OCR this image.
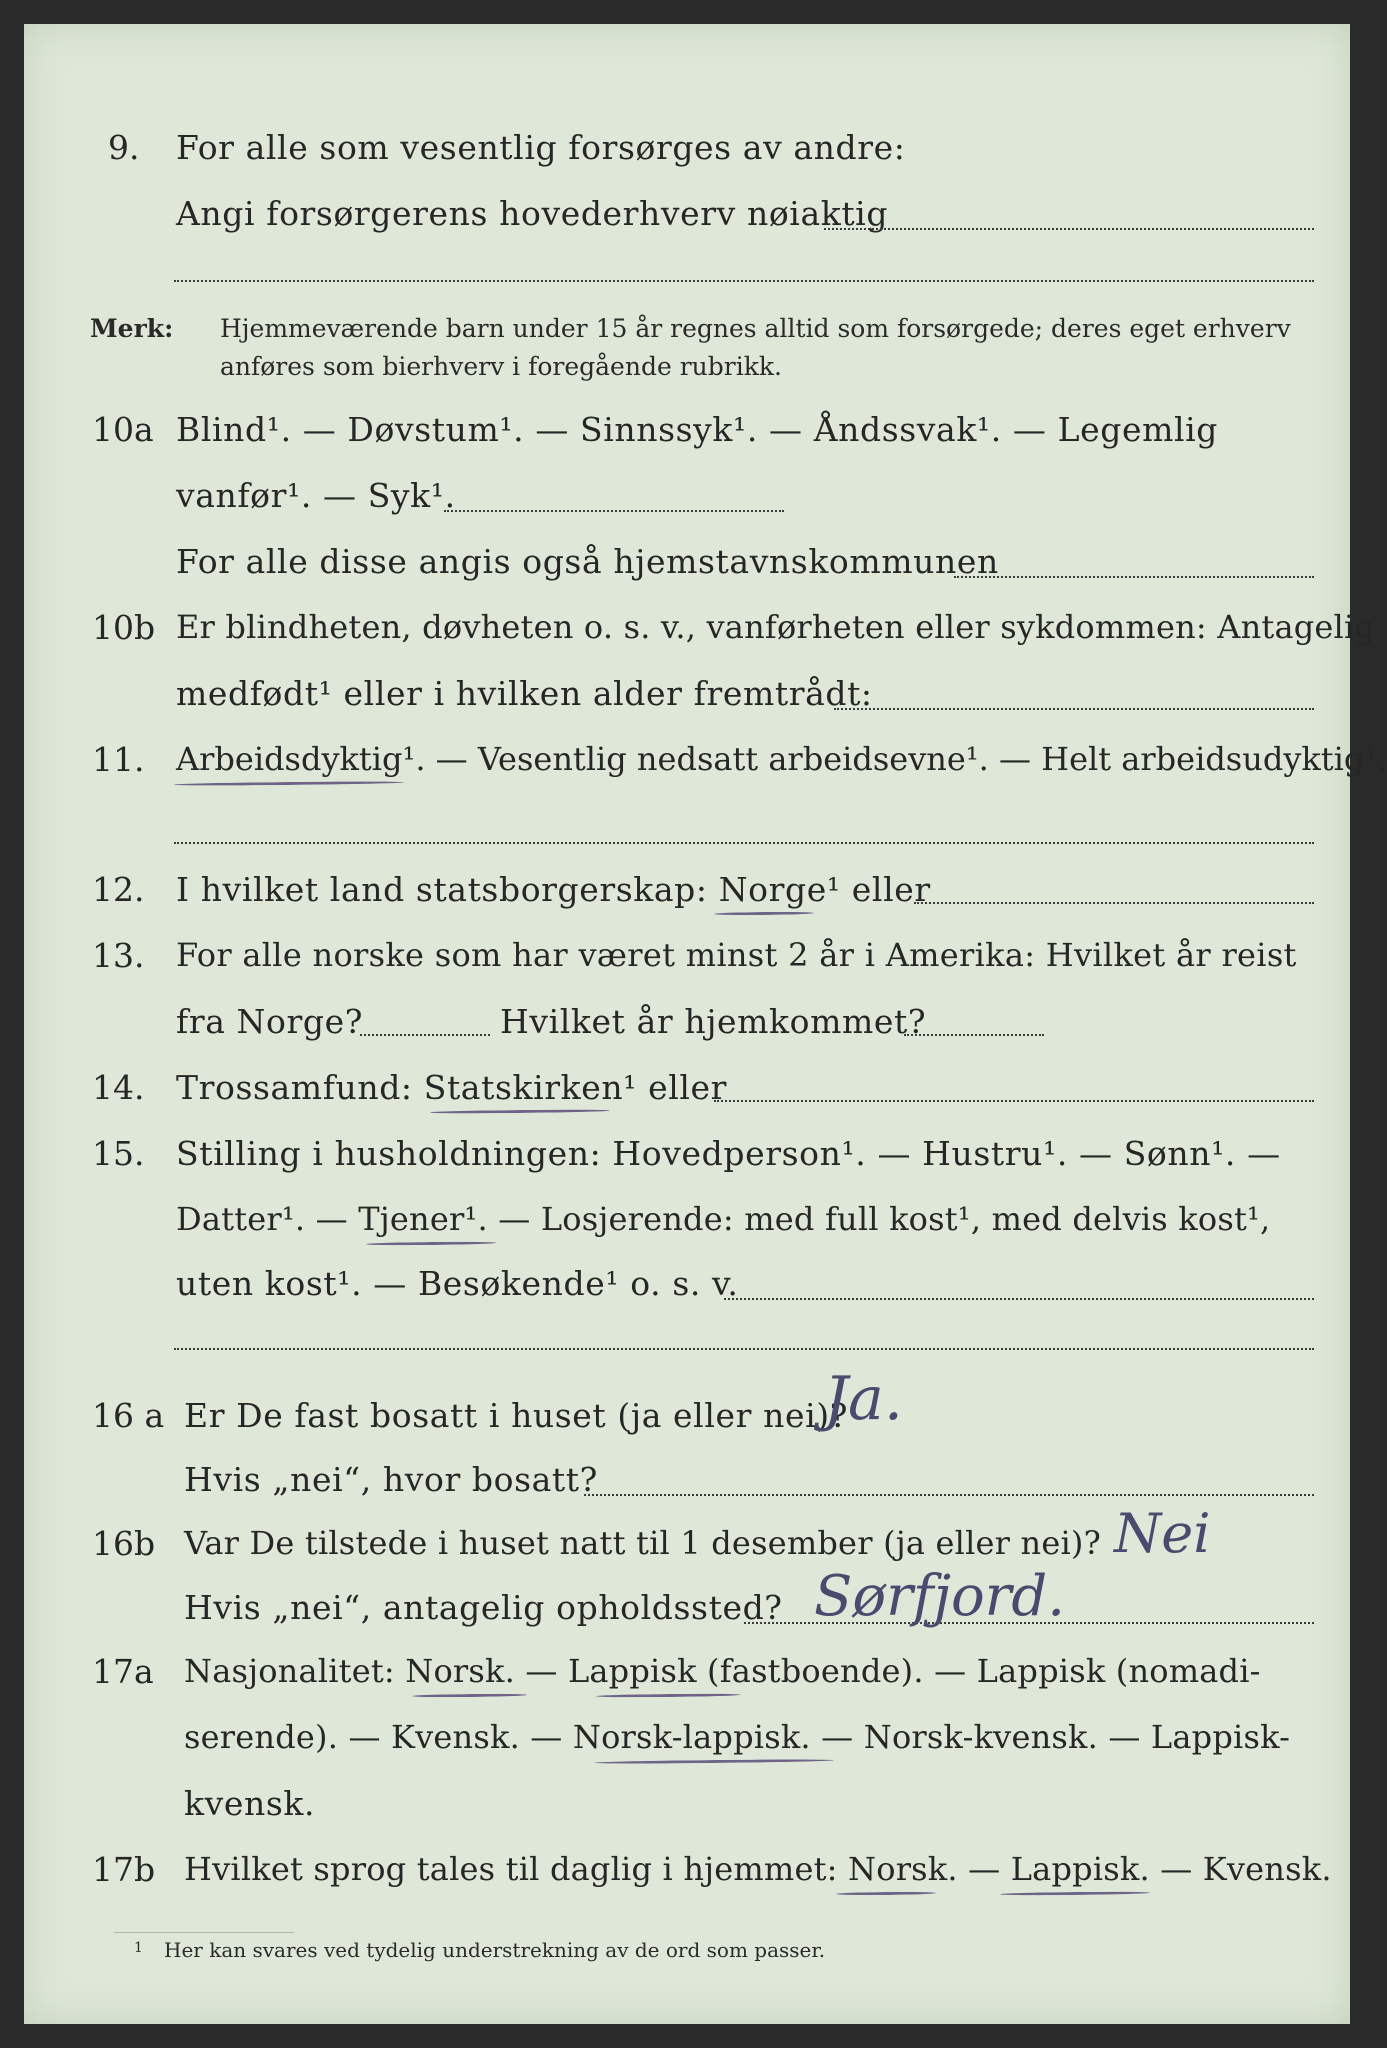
9. For alle som vesentlig forsørges av andre:
Angi forsørgerens hovederhverv nøiaktig
Merk: Hjemmeværende barn under 15 år regnes alltid som forsørgede; deres eget erhverv
anføres som bierhverv i foregående rubrikk.
10a Blind¹. — Døvstum¹. — Sinnssyk¹. — Åndssvak¹. — Legemlig
vanfør¹. — Syk¹.
For alle disse angis også hjemstavnskommunen
10b Er blindheten, døvheten o. s. v., vanførheten eller sykdommen: Antagelig
medfødt¹ eller i hvilken alder fremtrådt:
11. Arbeidsdyktig¹. — Vesentlig nedsatt arbeidsevne¹. — Helt arbeidsudyktig¹.
12. I hvilket land statsborgerskap: Norge¹ eller
13. For alle norske som har været minst 2 år i Amerika: Hvilket år reist
fra Norge?	Hvilket år hjemkommet?
14. Trossamfund: Statskirken¹ eller
15. Stilling i husholdningen: Hovedperson¹. — Hustru¹. — Sønn¹. —
Datter¹. — Tjener¹. — Losjerende: med full kost¹, med delvis kost¹,
uten kost¹. — Besøkende¹ o. s. v.
16 a Er De fast bosatt i huset (ja eller nei)?
Ja.
Hvis „nei“, hvor bosatt?
16b Var De tilstede i huset natt til 1 desember (ja eller nei)? Nei
Hvis „nei“, antagelig opholdssted? Sørfjord.
17a Nasjonalitet: Norsk. — Lappisk (fastboende). — Lappisk (nomadi-
serende). — Kvensk. — Norsk-lappisk. — Norsk-kvensk. — Lappisk-
kvensk.
17b Hvilket sprog tales til daglig i hjemmet: Norsk. — Lappisk. — Kvensk.
1 Her kan svares ved tydelig understrekning av de ord som passer.
